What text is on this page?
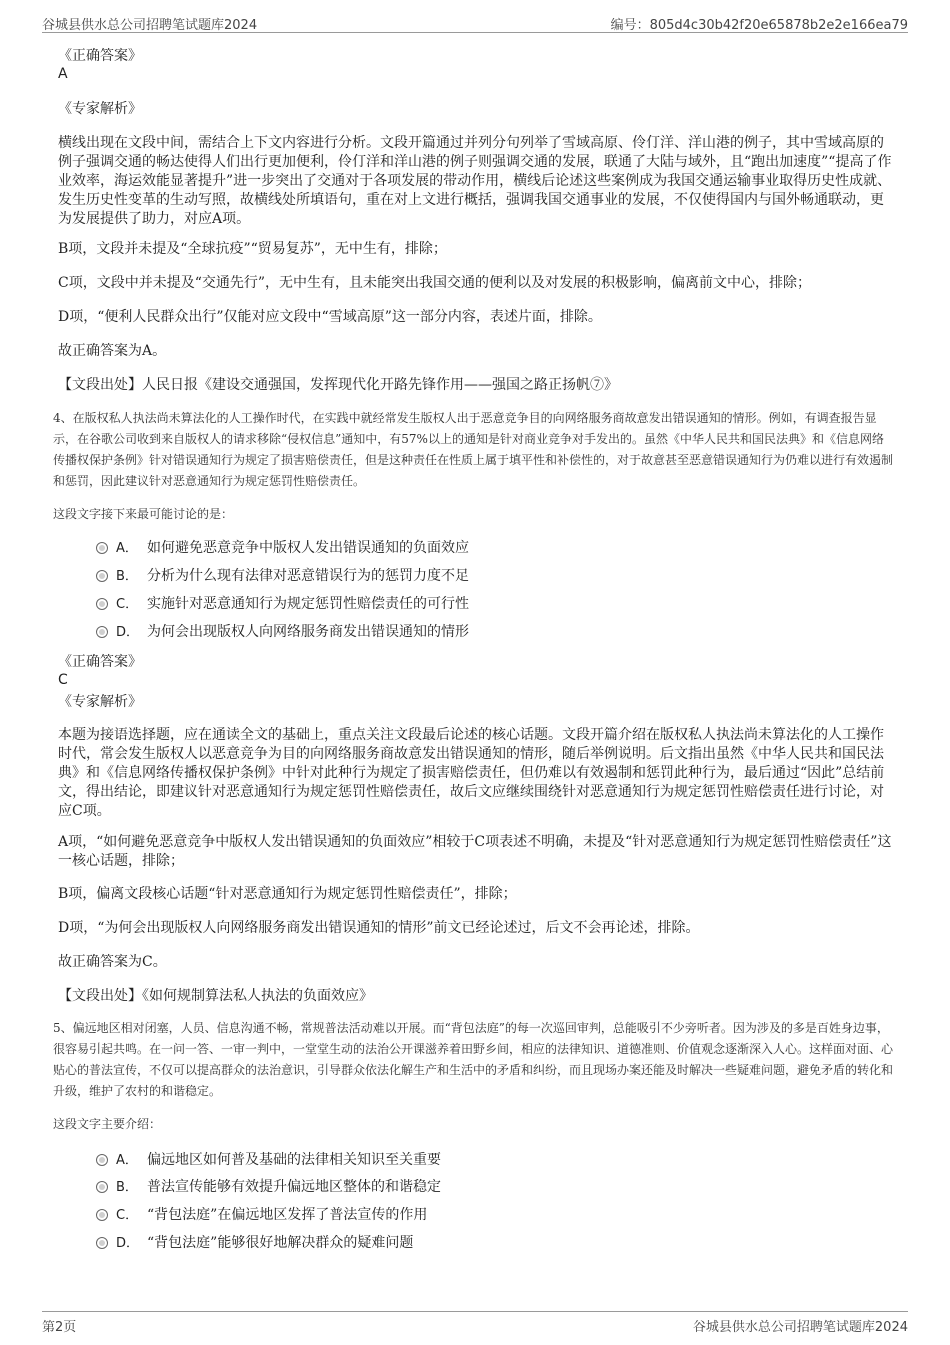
谷城县供水总公司招聘笔试题库2024	编号：805d4c30b42f20e65878b2e2e166ea79
《正确答案》
A
《专家解析》
横线出现在文段中间，需结合上下文内容进行分析。文段开篇通过并列分句列举了雪域高原、伶仃洋、洋山港的例子，其中雪域高原的例子强调交通的畅达使得人们出行更加便利，伶仃洋和洋山港的例子则强调交通的发展，联通了大陆与域外，且“跑出加速度”“提高了作业效率，海运效能显著提升”进一步突出了交通对于各项发展的带动作用，横线后论述这些案例成为我国交通运输事业取得历史性成就、发生历史性变革的生动写照，故横线处所填语句，重在对上文进行概括，强调我国交通事业的发展，不仅使得国内与国外畅通联动，更为发展提供了助力，对应A项。
B项，文段并未提及“全球抗疫”“贸易复苏”，无中生有，排除；
C项，文段中并未提及“交通先行”，无中生有，且未能突出我国交通的便利以及对发展的积极影响，偏离前文中心，排除；
D项，“便利人民群众出行”仅能对应文段中“雪域高原”这一部分内容，表述片面，排除。
故正确答案为A。
【文段出处】人民日报《建设交通强国，发挥现代化开路先锋作用——强国之路正扬帆⑦》
4、在版权私人执法尚未算法化的人工操作时代，在实践中就经常发生版权人出于恶意竞争目的向网络服务商故意发出错误通知的情形。例如，有调查报告显示，在谷歌公司收到来自版权人的请求移除“侵权信息”通知中，有57%以上的通知是针对商业竞争对手发出的。虽然《中华人民共和国民法典》和《信息网络传播权保护条例》针对错误通知行为规定了损害赔偿责任，但是这种责任在性质上属于填平性和补偿性的，对于故意甚至恶意错误通知行为仍难以进行有效遏制和惩罚，因此建议针对恶意通知行为规定惩罚性赔偿责任。
这段文字接下来最可能讨论的是：
A． 如何避免恶意竞争中版权人发出错误通知的负面效应
B． 分析为什么现有法律对恶意错误行为的惩罚力度不足
C． 实施针对恶意通知行为规定惩罚性赔偿责任的可行性
D． 为何会出现版权人向网络服务商发出错误通知的情形
《正确答案》
C
《专家解析》
本题为接语选择题，应在通读全文的基础上，重点关注文段最后论述的核心话题。文段开篇介绍在版权私人执法尚未算法化的人工操作时代，常会发生版权人以恶意竞争为目的向网络服务商故意发出错误通知的情形，随后举例说明。后文指出虽然《中华人民共和国民法典》和《信息网络传播权保护条例》中针对此种行为规定了损害赔偿责任，但仍难以有效遏制和惩罚此种行为，最后通过“因此”总结前文，得出结论，即建议针对恶意通知行为规定惩罚性赔偿责任，故后文应继续围绕针对恶意通知行为规定惩罚性赔偿责任进行讨论，对应C项。
A项，“如何避免恶意竞争中版权人发出错误通知的负面效应”相较于C项表述不明确，未提及“针对恶意通知行为规定惩罚性赔偿责任”这一核心话题，排除；
B项，偏离文段核心话题“针对恶意通知行为规定惩罚性赔偿责任”，排除；
D项，“为何会出现版权人向网络服务商发出错误通知的情形”前文已经论述过，后文不会再论述，排除。
故正确答案为C。
【文段出处】《如何规制算法私人执法的负面效应》
5、偏远地区相对闭塞，人员、信息沟通不畅，常规普法活动难以开展。而“背包法庭”的每一次巡回审判，总能吸引不少旁听者。因为涉及的多是百姓身边事，很容易引起共鸣。在一问一答、一审一判中，一堂堂生动的法治公开课滋养着田野乡间，相应的法律知识、道德准则、价值观念逐渐深入人心。这样面对面、心贴心的普法宣传，不仅可以提高群众的法治意识，引导群众依法化解生产和生活中的矛盾和纠纷，而且现场办案还能及时解决一些疑难问题，避免矛盾的转化和升级，维护了农村的和谐稳定。
这段文字主要介绍：
A． 偏远地区如何普及基础的法律相关知识至关重要
B． 普法宣传能够有效提升偏远地区整体的和谐稳定
C． “背包法庭”在偏远地区发挥了普法宣传的作用
D． “背包法庭”能够很好地解决群众的疑难问题
第2页	谷城县供水总公司招聘笔试题库2024
